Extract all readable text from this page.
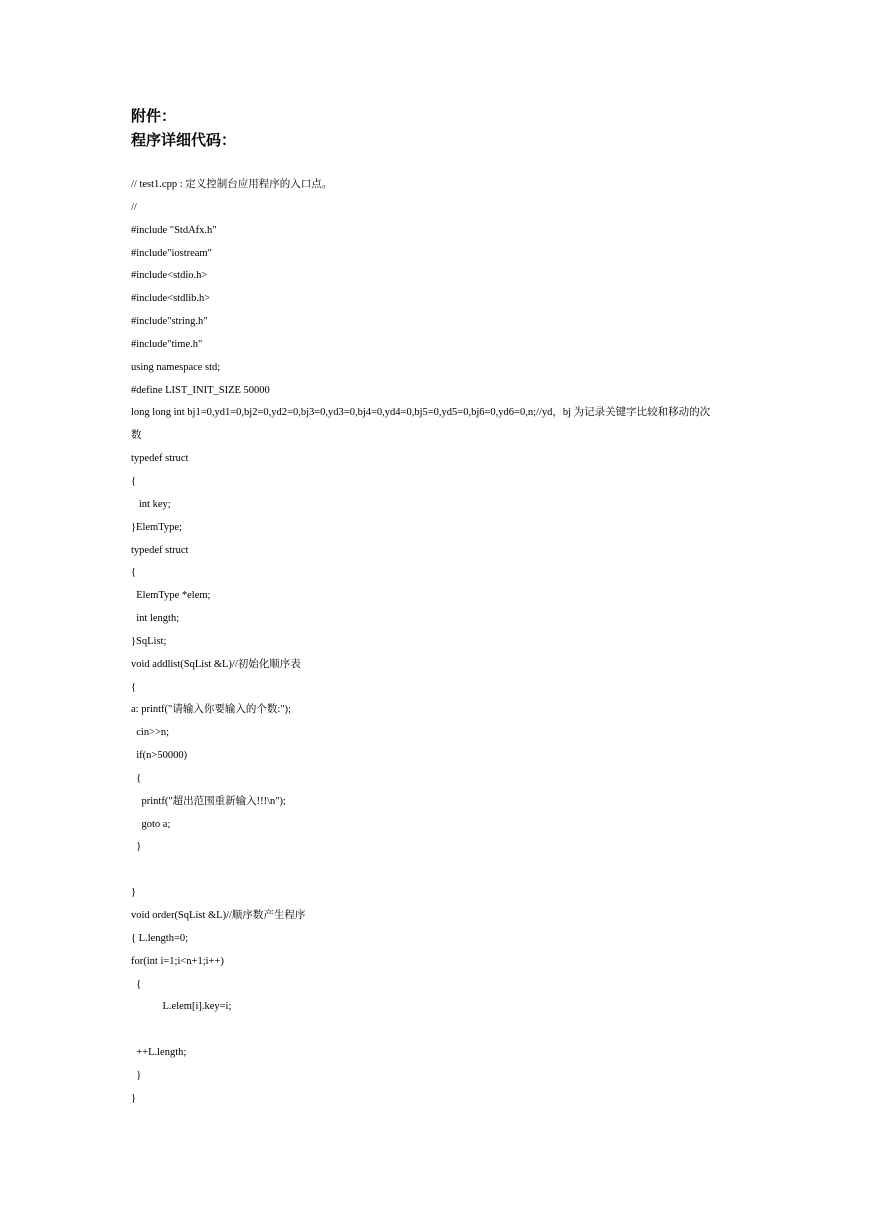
附件：
程序详细代码：
// test1.cpp : 定义控制台应用程序的入口点。
//
#include "StdAfx.h"
#include"iostream"
#include<stdio.h>
#include<stdlib.h>
#include"string.h"
#include"time.h"
using namespace std;
#define LIST_INIT_SIZE 50000
long long int bj1=0,yd1=0,bj2=0,yd2=0,bj3=0,yd3=0,bj4=0,yd4=0,bj5=0,yd5=0,bj6=0,yd6=0,n;//yd，bj 为记录关键字比较和移动的次
数
typedef struct
{
int key;
}ElemType;
typedef struct
{
ElemType *elem;
int length;
}SqList;
void addlist(SqList &L)//初始化顺序表
{
a: printf("请输入你要输入的个数:");
cin>>n;
if(n>50000)
{
printf("超出范围重新输入!!!\n");
goto a;
}

}
void order(SqList &L)//顺序数产生程序
{ L.length=0;
for(int i=1;i<n+1;i++)
{
L.elem[i].key=i;

++L.length;
}
}
